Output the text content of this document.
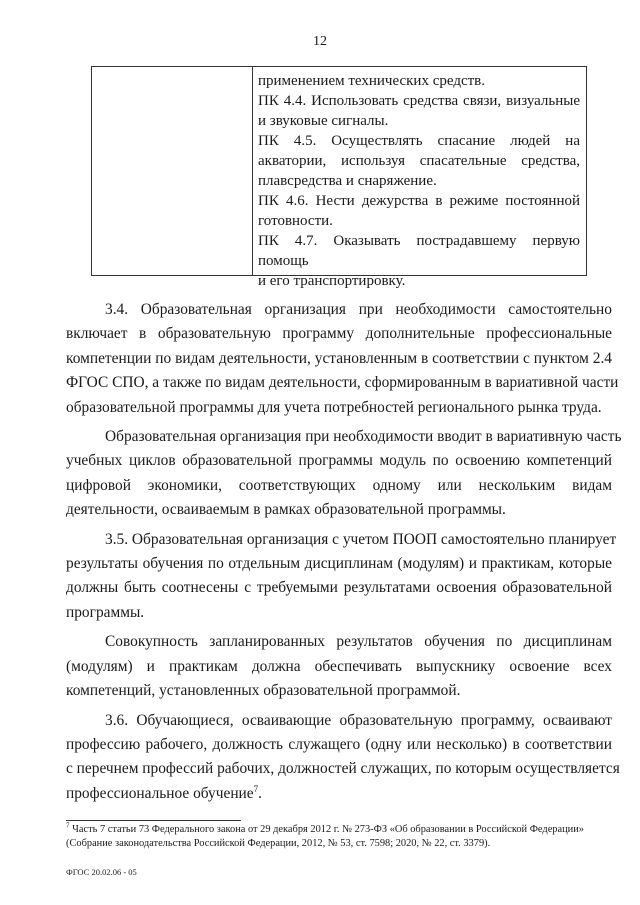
12
применением технических средств.
ПК 4.4. Использовать средства связи, визуальные
и звуковые сигналы.
ПК 4.5. Осуществлять спасание людей на
акватории, используя спасательные средства,
плавсредства и снаряжение.
ПК 4.6. Нести дежурства в режиме постоянной
готовности.
ПК 4.7. Оказывать пострадавшему первую помощь
и его транспортировку.

3.4. Образовательная организация при необходимости самостоятельно
включает в образовательную программу дополнительные профессиональные
компетенции по видам деятельности, установленным в соответствии с пунктом 2.4
ФГОС СПО, а также по видам деятельности, сформированным в вариативной части
образовательной программы для учета потребностей регионального рынка труда.

Образовательная организация при необходимости вводит в вариативную часть
учебных циклов образовательной программы модуль по освоению компетенций
цифровой экономики, соответствующих одному или нескольким видам
деятельности, осваиваемым в рамках образовательной программы.

3.5. Образовательная организация с учетом ПООП самостоятельно планирует
результаты обучения по отдельным дисциплинам (модулям) и практикам, которые
должны быть соотнесены с требуемыми результатами освоения образовательной
программы.

Совокупность запланированных результатов обучения по дисциплинам
(модулям) и практикам должна обеспечивать выпускнику освоение всех
компетенций, установленных образовательной программой.

3.6. Обучающиеся, осваивающие образовательную программу, осваивают
профессию рабочего, должность служащего (одну или несколько) в соответствии
с перечнем профессий рабочих, должностей служащих, по которым осуществляется
профессиональное обучение$^7$.

$^7$ Часть 7 статьи 73 Федерального закона от 29 декабря 2012 г. № 273-ФЗ «Об образовании в Российской Федерации»
(Собрание законодательства Российской Федерации, 2012, № 53, ст. 7598; 2020, № 22, ст. 3379).
ФГОС 20.02.06 - 05
